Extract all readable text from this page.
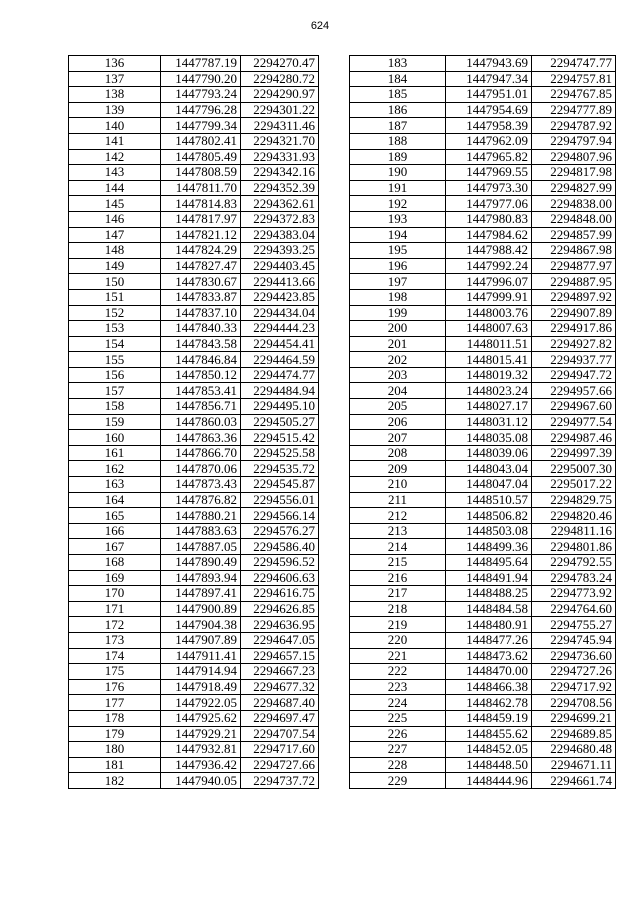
624
136	1447787.19	2294270.47
137	1447790.20	2294280.72
138	1447793.24	2294290.97
139	1447796.28	2294301.22
140	1447799.34	2294311.46
141	1447802.41	2294321.70
142	1447805.49	2294331.93
143	1447808.59	2294342.16
144	1447811.70	2294352.39
145	1447814.83	2294362.61
146	1447817.97	2294372.83
147	1447821.12	2294383.04
148	1447824.29	2294393.25
149	1447827.47	2294403.45
150	1447830.67	2294413.66
151	1447833.87	2294423.85
152	1447837.10	2294434.04
153	1447840.33	2294444.23
154	1447843.58	2294454.41
155	1447846.84	2294464.59
156	1447850.12	2294474.77
157	1447853.41	2294484.94
158	1447856.71	2294495.10
159	1447860.03	2294505.27
160	1447863.36	2294515.42
161	1447866.70	2294525.58
162	1447870.06	2294535.72
163	1447873.43	2294545.87
164	1447876.82	2294556.01
165	1447880.21	2294566.14
166	1447883.63	2294576.27
167	1447887.05	2294586.40
168	1447890.49	2294596.52
169	1447893.94	2294606.63
170	1447897.41	2294616.75
171	1447900.89	2294626.85
172	1447904.38	2294636.95
173	1447907.89	2294647.05
174	1447911.41	2294657.15
175	1447914.94	2294667.23
176	1447918.49	2294677.32
177	1447922.05	2294687.40
178	1447925.62	2294697.47
179	1447929.21	2294707.54
180	1447932.81	2294717.60
181	1447936.42	2294727.66
182	1447940.05	2294737.72
183	1447943.69	2294747.77
184	1447947.34	2294757.81
185	1447951.01	2294767.85
186	1447954.69	2294777.89
187	1447958.39	2294787.92
188	1447962.09	2294797.94
189	1447965.82	2294807.96
190	1447969.55	2294817.98
191	1447973.30	2294827.99
192	1447977.06	2294838.00
193	1447980.83	2294848.00
194	1447984.62	2294857.99
195	1447988.42	2294867.98
196	1447992.24	2294877.97
197	1447996.07	2294887.95
198	1447999.91	2294897.92
199	1448003.76	2294907.89
200	1448007.63	2294917.86
201	1448011.51	2294927.82
202	1448015.41	2294937.77
203	1448019.32	2294947.72
204	1448023.24	2294957.66
205	1448027.17	2294967.60
206	1448031.12	2294977.54
207	1448035.08	2294987.46
208	1448039.06	2294997.39
209	1448043.04	2295007.30
210	1448047.04	2295017.22
211	1448510.57	2294829.75
212	1448506.82	2294820.46
213	1448503.08	2294811.16
214	1448499.36	2294801.86
215	1448495.64	2294792.55
216	1448491.94	2294783.24
217	1448488.25	2294773.92
218	1448484.58	2294764.60
219	1448480.91	2294755.27
220	1448477.26	2294745.94
221	1448473.62	2294736.60
222	1448470.00	2294727.26
223	1448466.38	2294717.92
224	1448462.78	2294708.56
225	1448459.19	2294699.21
226	1448455.62	2294689.85
227	1448452.05	2294680.48
228	1448448.50	2294671.11
229	1448444.96	2294661.74
